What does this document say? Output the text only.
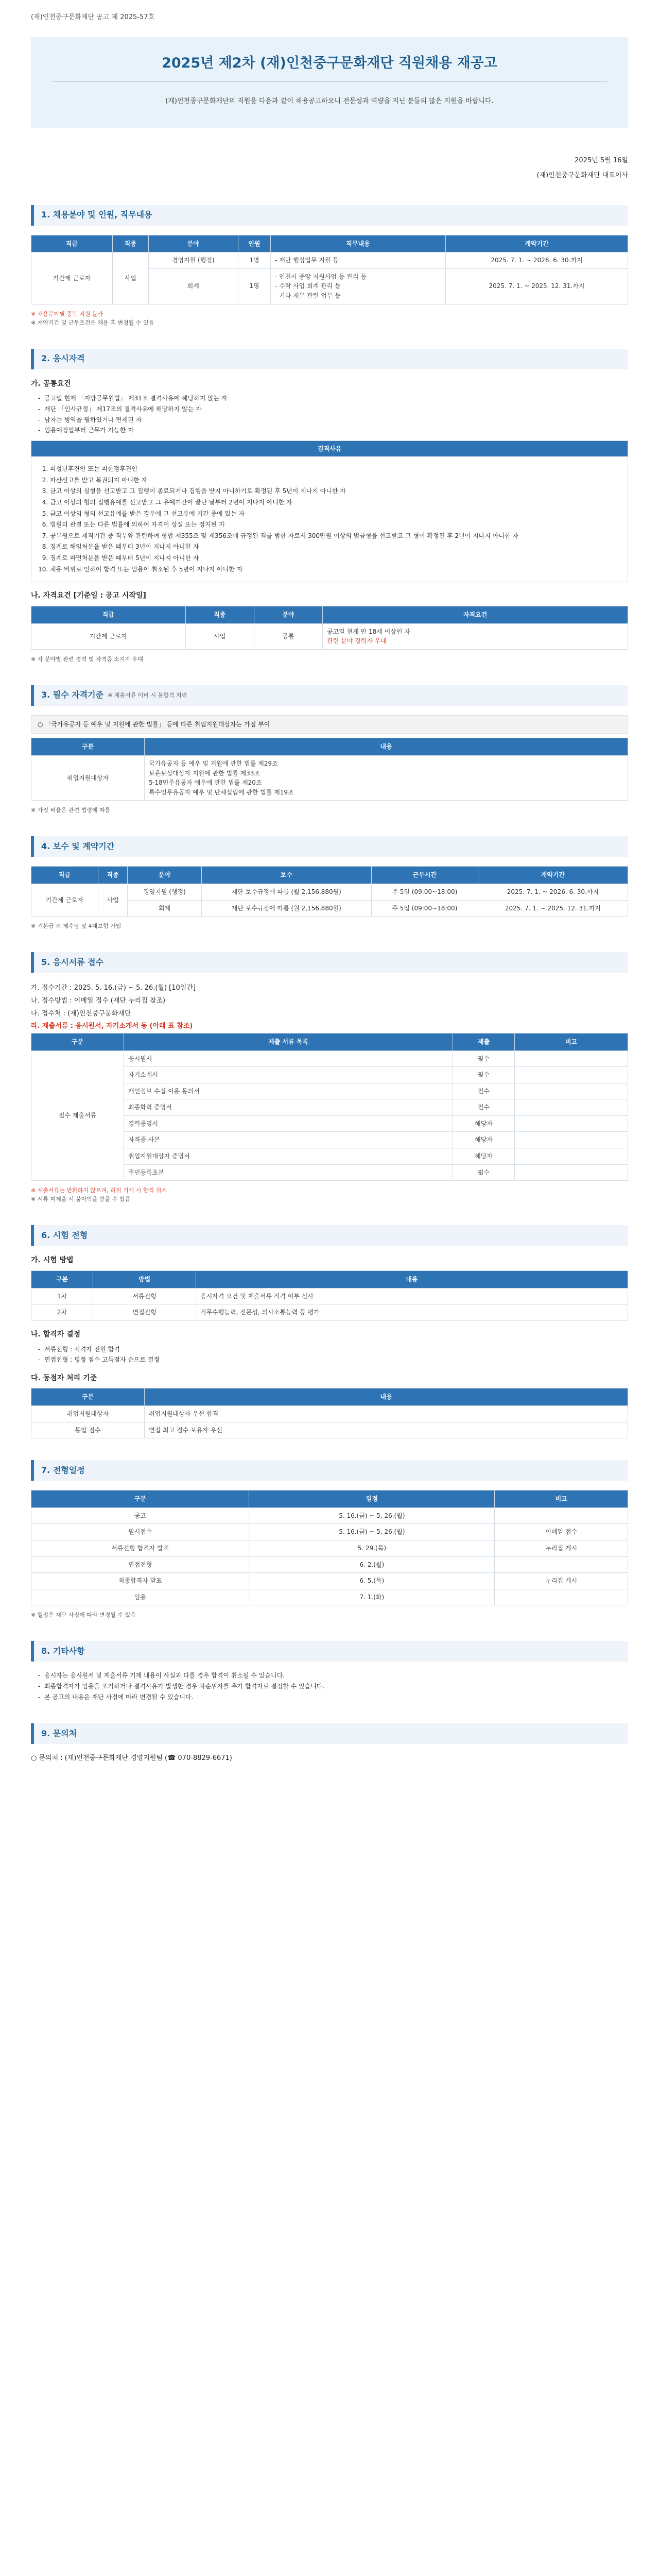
(재)인천중구문화재단 공고 제 2025-57호
2025년 제2차 (재)인천중구문화재단 직원채용 재공고
(재)인천중구문화재단의 직원을 다음과 같이 채용공고하오니 전문성과 역량을 지닌 분들의 많은 지원을 바랍니다.
2025년 5월 16일
(재)인천중구문화재단 대표이사
1. 채용분야 및 인원, 직무내용
직급	직종	분야	인원	직무내용	계약기간
기간제 근로자	사업	경영지원 (행정)	1명	- 재단 행정업무 지원 등	2025. 7. 1. ~ 2026. 6. 30.까지
		회계	1명	- 인천시 중앙 지원사업 등 관리 등
- 수탁 사업 회계 관리 등
- 기타 재무 관련 업무 등	2025. 7. 1. ~ 2025. 12. 31.까지
※ 채용분야별 중복 지원 불가
※ 계약기간 및 근무조건은 채용 후 변경될 수 있음
2. 응시자격
가. 공통요건
- 공고일 현재 「지방공무원법」 제31조 결격사유에 해당하지 않는 자
- 재단 「인사규정」 제17조의 결격사유에 해당하지 않는 자
- 남자는 병역을 필하였거나 면제된 자
- 임용예정일부터 근무가 가능한 자
결격사유
1. 피성년후견인 또는 피한정후견인
2. 파산선고를 받고 복권되지 아니한 자
3. 금고 이상의 실형을 선고받고 그 집행이 종료되거나 집행을 받지 아니하기로 확정된 후 5년이 지나지 아니한 자
4. 금고 이상의 형의 집행유예를 선고받고 그 유예기간이 끝난 날부터 2년이 지나지 아니한 자
5. 금고 이상의 형의 선고유예를 받은 경우에 그 선고유예 기간 중에 있는 자
6. 법원의 판결 또는 다른 법률에 의하여 자격이 상실 또는 정지된 자
7. 공무원으로 재직기간 중 직무와 관련하여 형법 제355조 및 제356조에 규정된 죄를 범한 자로서 300만원 이상의 벌금형을 선고받고 그 형이 확정된 후 2년이 지나지 아니한 자
8. 징계로 해임처분을 받은 때부터 3년이 지나지 아니한 자
9. 징계로 파면처분을 받은 때부터 5년이 지나지 아니한 자
10. 채용 비위로 인하여 합격 또는 임용이 취소된 후 5년이 지나지 아니한 자
나. 자격요건 [기준일 : 공고 시작일]
직급	직종	분야	자격요건
기간제 근로자	사업	공통	공고일 현재 만 18세 이상인 자
관련 분야 경력자 우대
※ 각 분야별 관련 경력 및 자격증 소지자 우대
3. 필수 자격기준 ※ 제출서류 미비 시 불합격 처리
○ 「국가유공자 등 예우 및 지원에 관한 법률」 등에 따른 취업지원대상자는 가점 부여
구분	내용
취업지원대상자	국가유공자 등 예우 및 지원에 관한 법률 제29조
보훈보상대상자 지원에 관한 법률 제33조
5·18민주유공자 예우에 관한 법률 제20조
특수임무유공자 예우 및 단체설립에 관한 법률 제19조
※ 가점 비율은 관련 법령에 따름
4. 보수 및 계약기간
직급	직종	분야	보수	근무시간	계약기간
기간제 근로자	사업	경영지원 (행정)	재단 보수규정에 따름 (월 2,156,880원)	주 5일 (09:00~18:00)	2025. 7. 1. ~ 2026. 6. 30.까지
		회계	재단 보수규정에 따름 (월 2,156,880원)	주 5일 (09:00~18:00)	2025. 7. 1. ~ 2025. 12. 31.까지
※ 기본급 외 제수당 및 4대보험 가입
5. 응시서류 접수
가. 접수기간 : 2025. 5. 16.(금) ~ 5. 26.(월) [10일간]
나. 접수방법 : 이메일 접수 (재단 누리집 참조)
다. 접수처 : (재)인천중구문화재단
라. 제출서류 : 응시원서, 자기소개서 등 (아래 표 참조)
구분	제출 서류 목록	제출	비고
필수 제출서류	응시원서	필수	
	자기소개서	필수	
	개인정보 수집·이용 동의서	필수	
	최종학력 증명서	필수	
	경력증명서	해당자	
	자격증 사본	해당자	
	취업지원대상자 증명서	해당자	
	주민등록초본	필수	
※ 제출서류는 반환하지 않으며, 허위 기재 시 합격 취소
※ 서류 미제출 시 불이익을 받을 수 있음
6. 시험 전형
가. 시험 방법
구분	방법	내용
1차	서류전형	응시자격 요건 및 제출서류 적격 여부 심사
2차	면접전형	직무수행능력, 전문성, 의사소통능력 등 평가
나. 합격자 결정
- 서류전형 : 적격자 전원 합격
- 면접전형 : 평정 점수 고득점자 순으로 결정
다. 동점자 처리 기준
구분	내용
취업지원대상자	취업지원대상자 우선 합격
동일 점수	면접 최고 점수 보유자 우선
7. 전형일정
구분	일정	비고
공고	5. 16.(금) ~ 5. 26.(월)	
원서접수	5. 16.(금) ~ 5. 26.(월)	이메일 접수
서류전형 합격자 발표	5. 29.(목)	누리집 게시
면접전형	6. 2.(월)	
최종합격자 발표	6. 5.(목)	누리집 게시
임용	7. 1.(화)	
※ 일정은 재단 사정에 따라 변경될 수 있음
8. 기타사항
- 응시자는 응시원서 및 제출서류 기재 내용이 사실과 다를 경우 합격이 취소될 수 있습니다.
- 최종합격자가 임용을 포기하거나 결격사유가 발생한 경우 차순위자를 추가 합격자로 결정할 수 있습니다.
- 본 공고의 내용은 재단 사정에 따라 변경될 수 있습니다.
9. 문의처
○ 문의처 : (재)인천중구문화재단 경영지원팀 (☎ 070-8829-6671)
